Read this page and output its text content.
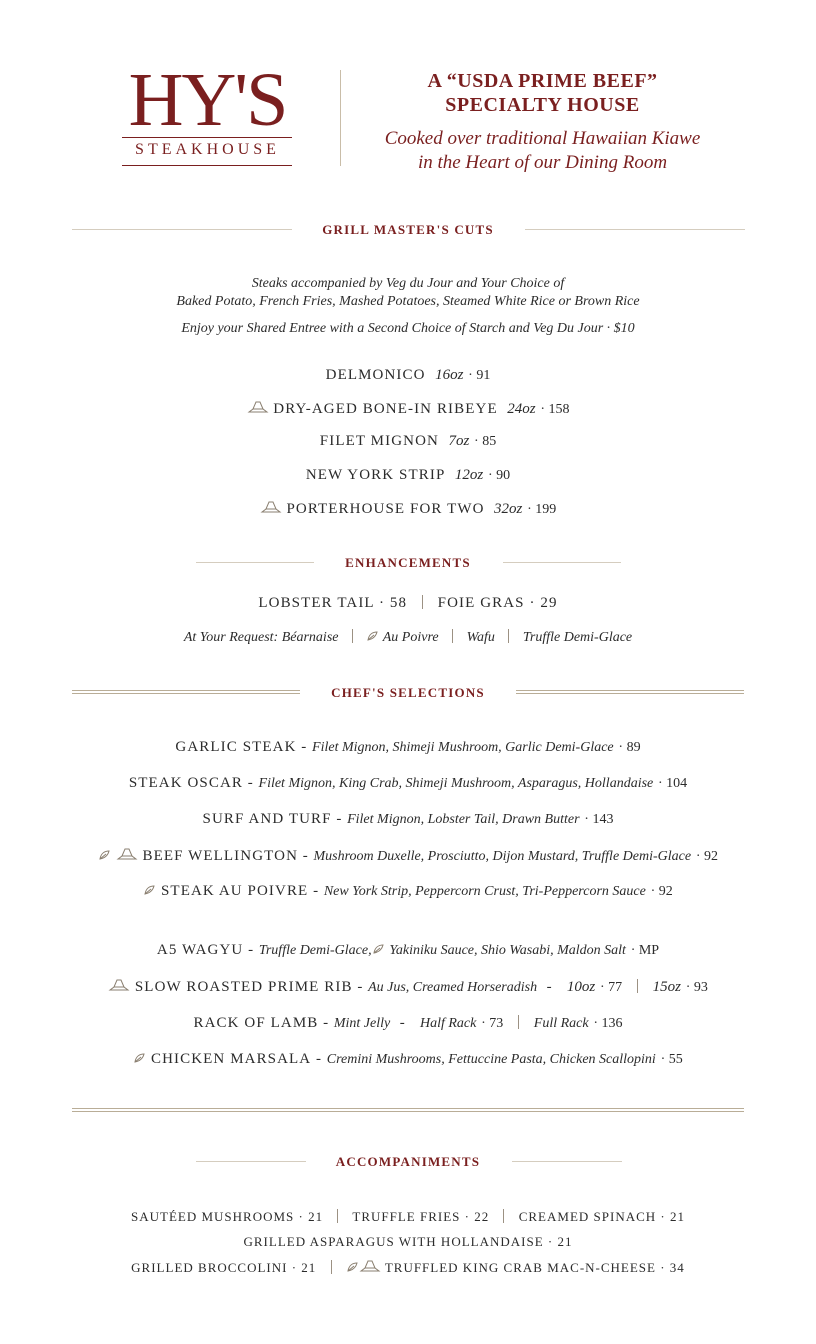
HY'S
STEAKHOUSE
A “USDA PRIME BEEF”
SPECIALTY HOUSE
Cooked over traditional Hawaiian Kiawe
in the Heart of our Dining Room
GRILL MASTER'S CUTS
Steaks accompanied by Veg du Jour and Your Choice of
Baked Potato, French Fries, Mashed Potatoes, Steamed White Rice or Brown Rice
Enjoy your Shared Entree with a Second Choice of Starch and Veg Du Jour · $10
DELMONICO 16oz · 91
DRY-AGED BONE-IN RIBEYE 24oz · 158
FILET MIGNON 7oz · 85
NEW YORK STRIP 12oz · 90
PORTERHOUSE FOR TWO 32oz · 199
ENHANCEMENTS
LOBSTER TAIL · 58 FOIE GRAS · 29
At Your Request: Béarnaise	Au Poivre Wafu Truffle Demi-Glace
CHEF'S SELECTIONS
GARLIC STEAK - Filet Mignon, Shimeji Mushroom, Garlic Demi-Glace · 89
STEAK OSCAR - Filet Mignon, King Crab, Shimeji Mushroom, Asparagus, Hollandaise · 104
SURF AND TURF - Filet Mignon, Lobster Tail, Drawn Butter · 143
BEEF WELLINGTON - Mushroom Duxelle, Prosciutto, Dijon Mustard, Truffle Demi-Glace · 92
STEAK AU POIVRE - New York Strip, Peppercorn Crust, Tri-Peppercorn Sauce · 92
A5 WAGYU - Truffle Demi-Glace, Yakiniku Sauce, Shio Wasabi, Maldon Salt · MP
SLOW ROASTED PRIME RIB - Au Jus, Creamed Horseradish  -   10oz · 77 15oz · 93
RACK OF LAMB - Mint Jelly  -   Half Rack · 73 Full Rack · 136
CHICKEN MARSALA - Cremini Mushrooms, Fettuccine Pasta, Chicken Scallopini · 55
ACCOMPANIMENTS
SAUTÉED MUSHROOMS · 21 TRUFFLE FRIES · 22 CREAMED SPINACH · 21
GRILLED ASPARAGUS WITH HOLLANDAISE · 21
GRILLED BROCCOLINI · 21	TRUFFLED KING CRAB MAC-N-CHEESE · 34
